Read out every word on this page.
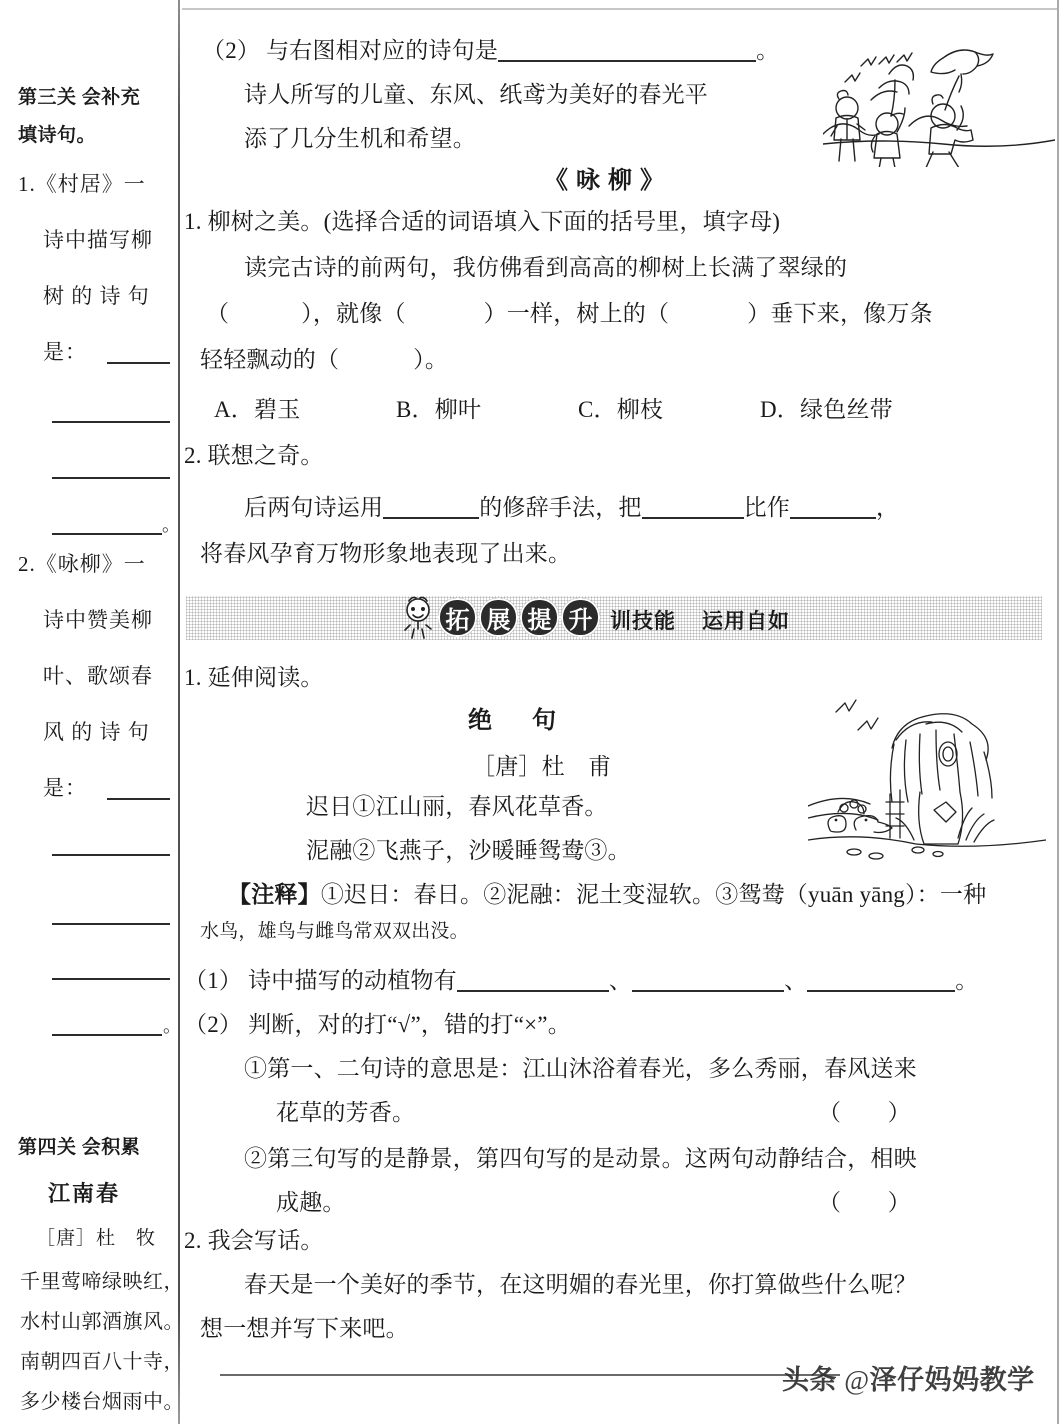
第三关 会补充
填诗句。
1.《村居》一
诗中描写柳
树 的 诗 句
是：
。
2.《咏柳》一
诗中赞美柳
叶、歌颂春
风 的 诗 句
是：
。
第四关 会积累
江南春
［唐］杜　牧
千里莺啼绿映红，
水村山郭酒旗风。
南朝四百八十寺，
多少楼台烟雨中。
（2） 与右图相对应的诗句是	。
诗人所写的儿童、东风、纸鸢为美好的春光平
添了几分生机和希望。
《咏柳》
1. 柳树之美。(选择合适的词语填入下面的括号里，填字母)
读完古诗的前两句，我仿佛看到高高的柳树上长满了翠绿的
（	），就像（	）一样，树上的（	）垂下来，像万条
轻轻飘动的（	）。
A．碧玉	B．柳叶	C．柳枝	D．绿色丝带
2. 联想之奇。
后两句诗运用	的修辞手法，把	比作	，
将春风孕育万物形象地表现了出来。
拓 展 提 升 训技能 运用自如
1. 延伸阅读。
绝　句
［唐］杜　甫
迟日①江山丽，春风花草香。
泥融②飞燕子，沙暖睡鸳鸯③。
【注释】①迟日：春日。②泥融：泥土变湿软。③鸳鸯（yuān yāng）：一种
水鸟，雄鸟与雌鸟常双双出没。
（1） 诗中描写的动植物有	、	、	。
（2） 判断，对的打“√”，错的打“×”。
①第一、二句诗的意思是：江山沐浴着春光，多么秀丽，春风送来
花草的芳香。	（　　）
②第三句写的是静景，第四句写的是动景。这两句动静结合，相映
成趣。	（　　）
2. 我会写话。
春天是一个美好的季节，在这明媚的春光里，你打算做些什么呢？
想一想并写下来吧。
头条 @泽仔妈妈教学
